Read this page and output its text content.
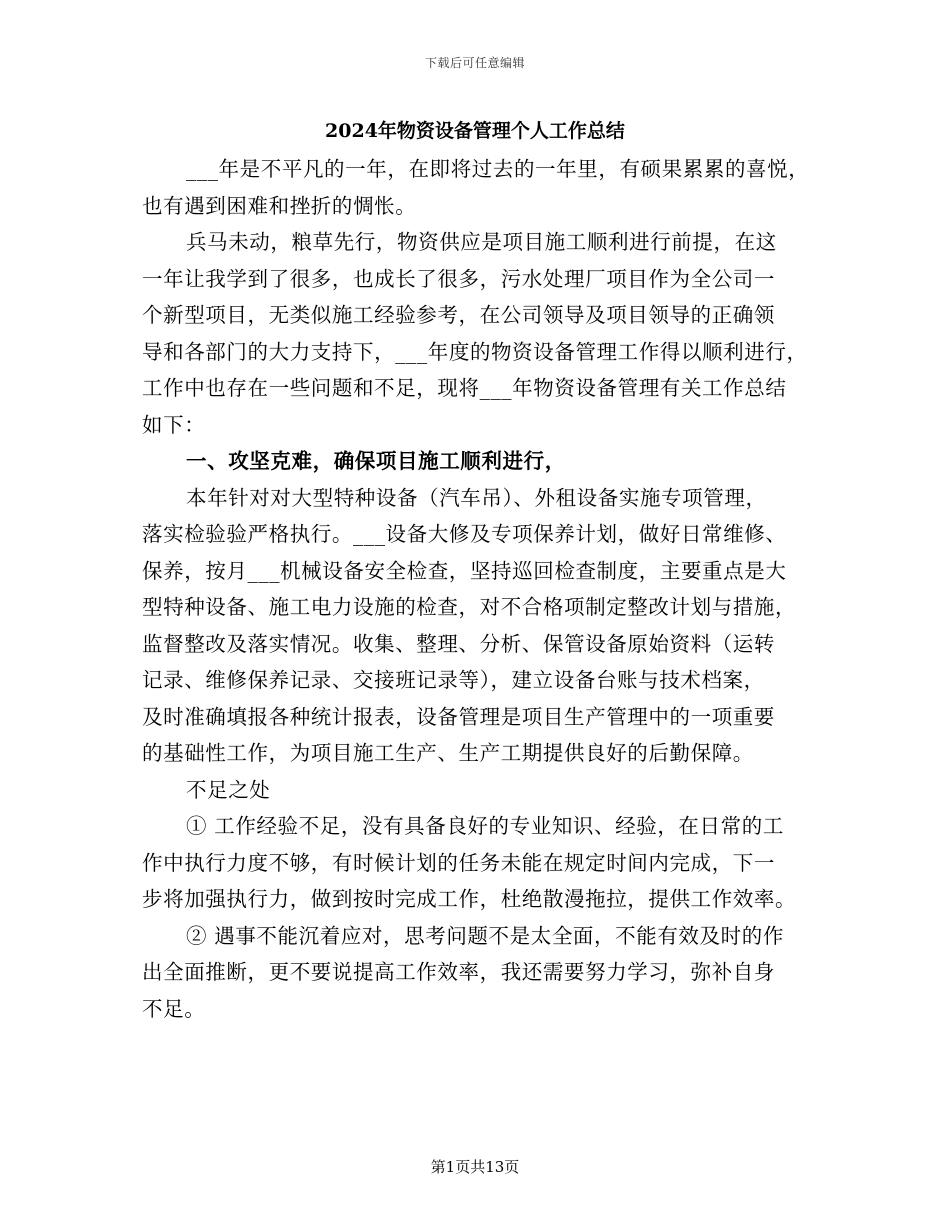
下载后可任意编辑
2024年物资设备管理个人工作总结

___年是不平凡的一年，在即将过去的一年里，有硕果累累的喜悦，

也有遇到困难和挫折的惆怅。

兵马未动，粮草先行，物资供应是项目施工顺利进行前提，在这

一年让我学到了很多，也成长了很多，污水处理厂项目作为全公司一

个新型项目，无类似施工经验参考，在公司领导及项目领导的正确领

导和各部门的大力支持下，___年度的物资设备管理工作得以顺利进行，

工作中也存在一些问题和不足，现将___年物资设备管理有关工作总结

如下：

一、攻坚克难，确保项目施工顺利进行，

本年针对对大型特种设备（汽车吊）、外租设备实施专项管理，

落实检验验严格执行。___设备大修及专项保养计划，做好日常维修、

保养，按月___机械设备安全检查，坚持巡回检查制度，主要重点是大

型特种设备、施工电力设施的检查，对不合格项制定整改计划与措施，

监督整改及落实情况。收集、整理、分析、保管设备原始资料（运转

记录、维修保养记录、交接班记录等），建立设备台账与技术档案，

及时准确填报各种统计报表，设备管理是项目生产管理中的一项重要

的基础性工作，为项目施工生产、生产工期提供良好的后勤保障。

不足之处

① 工作经验不足，没有具备良好的专业知识、经验，在日常的工

作中执行力度不够，有时候计划的任务未能在规定时间内完成，下一

步将加强执行力，做到按时完成工作，杜绝散漫拖拉，提供工作效率。

② 遇事不能沉着应对，思考问题不是太全面，不能有效及时的作

出全面推断，更不要说提高工作效率，我还需要努力学习，弥补自身

不足。

第1页共13页
